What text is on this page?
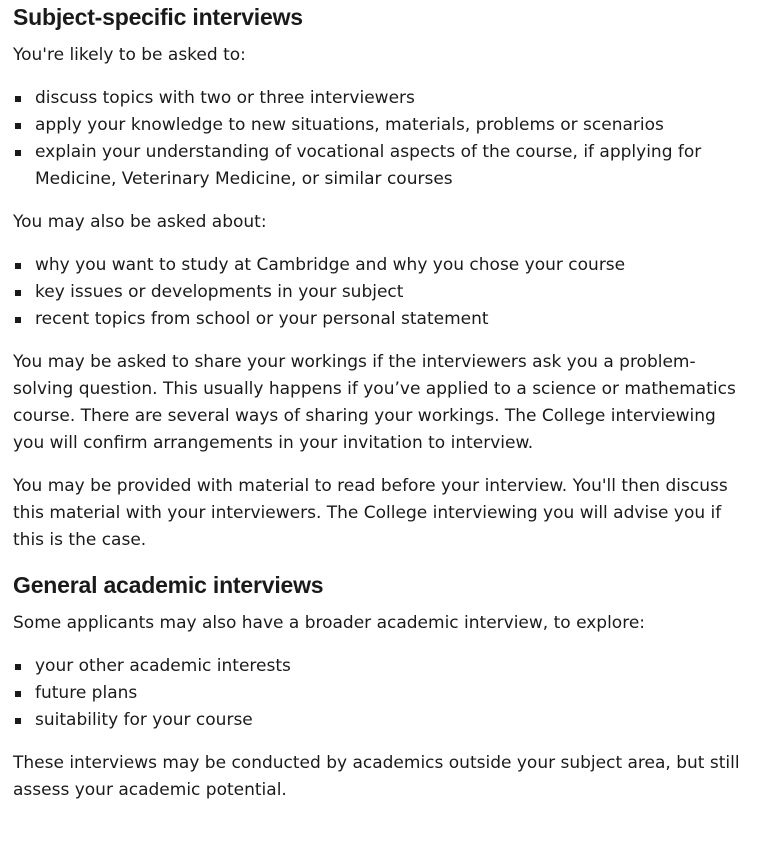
Subject-specific interviews

You're likely to be asked to:

discuss topics with two or three interviewers
apply your knowledge to new situations, materials, problems or scenarios
explain your understanding of vocational aspects of the course, if applying for Medicine, Veterinary Medicine, or similar courses

You may also be asked about:

why you want to study at Cambridge and why you chose your course
key issues or developments in your subject
recent topics from school or your personal statement

You may be asked to share your workings if the interviewers ask you a problem-solving question. This usually happens if you’ve applied to a science or mathematics course. There are several ways of sharing your workings. The College interviewing you will confirm arrangements in your invitation to interview.

You may be provided with material to read before your interview. You'll then discuss this material with your interviewers. The College interviewing you will advise you if this is the case.

General academic interviews

Some applicants may also have a broader academic interview, to explore:

your other academic interests
future plans
suitability for your course

These interviews may be conducted by academics outside your subject area, but still assess your academic potential.
